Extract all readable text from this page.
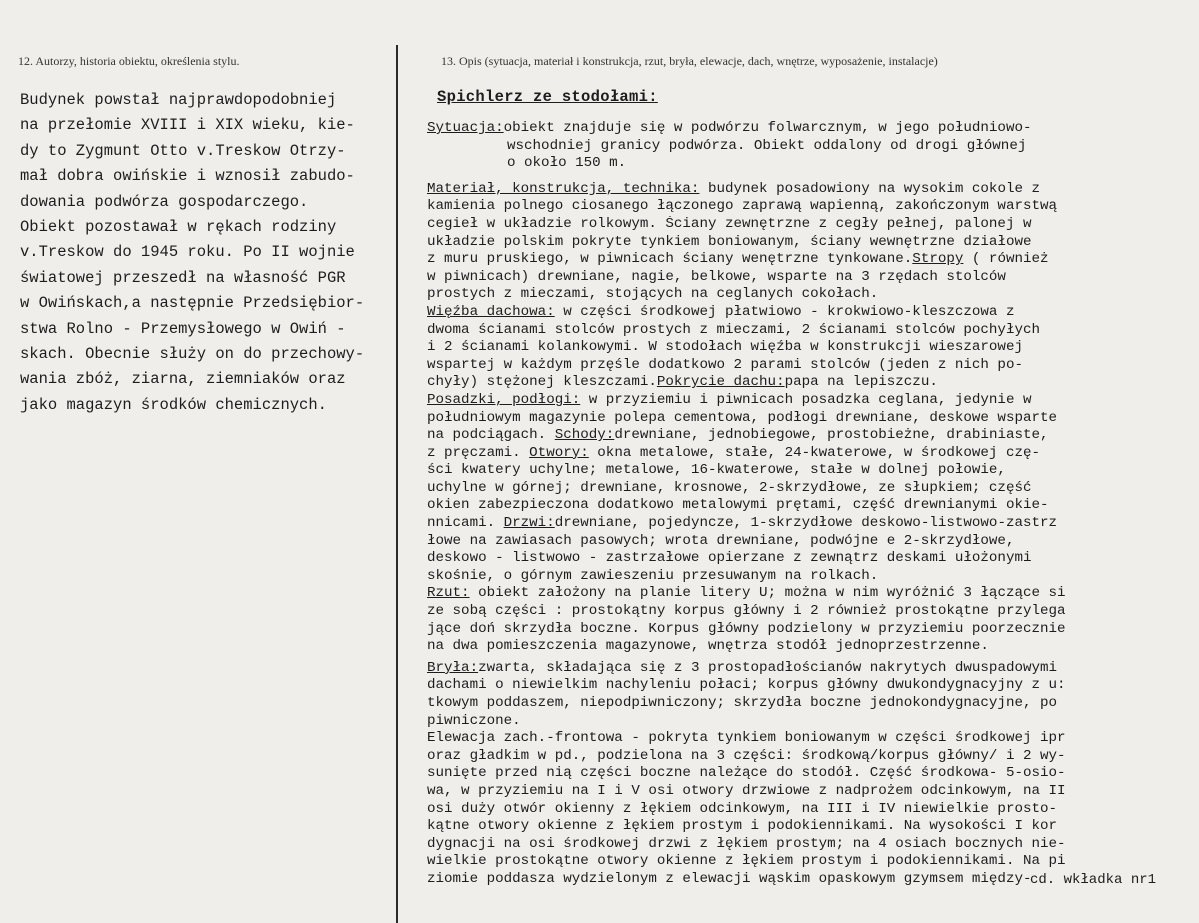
12. Autorzy, historia obiektu, określenia stylu.	13. Opis (sytuacja, materiał i konstrukcja, rzut, bryła, elewacje, dach, wnętrze, wyposażenie, instalacje)
Budynek powstał najprawdopodobniej
na przełomie XVIII i XIX wieku, kie-
dy to Zygmunt Otto v.Treskow Otrzy-
mał dobra owińskie i wznosił zabudo-
dowania podwórza gospodarczego.
Obiekt pozostawał w rękach rodziny
v.Treskow do 1945 roku. Po II wojnie
światowej przeszedł na własność PGR
w Owińskach,a następnie Przedsiębior-
stwa Rolno - Przemysłowego w Owiń -
skach. Obecnie służy on do przechowy-
wania zbóż, ziarna, ziemniaków oraz
jako magazyn środków chemicznych.
Spichlerz ze stodołami:
Sytuacja:obiekt znajduje się w podwórzu folwarcznym, w jego południowo-
wschodniej granicy podwórza. Obiekt oddalony od drogi głównej
o około 150 m.
Materiał, konstrukcja, technika: budynek posadowiony na wysokim cokole z
kamienia polnego ciosanego łączonego zaprawą wapienną, zakończonym warstwą
cegieł w układzie rolkowym. Ściany zewnętrzne z cegły pełnej, palonej w
układzie polskim pokryte tynkiem boniowanym, ściany wewnętrzne działowe
z muru pruskiego, w piwnicach ściany wenętrzne tynkowane.Stropy ( również
w piwnicach) drewniane, nagie, belkowe, wsparte na 3 rzędach stolców
prostych z mieczami, stojących na ceglanych cokołach.
Więźba dachowa: w części środkowej płatwiowo - krokwiowo-kleszczowa z
dwoma ścianami stolców prostych z mieczami, 2 ścianami stolców pochyłych
i 2 ścianami kolankowymi. W stodołach więźba w konstrukcji wieszarowej
wspartej w każdym przęśle dodatkowo 2 parami stolców (jeden z nich po-
chyły) stężonej kleszczami.Pokrycie dachu:papa na lepiszczu.
Posadzki, podłogi: w przyziemiu i piwnicach posadzka ceglana, jedynie w
południowym magazynie polepa cementowa, podłogi drewniane, deskowe wsparte
na podciągach. Schody:drewniane, jednobiegowe, prostobieżne, drabiniaste,
z pręczami. Otwory: okna metalowe, stałe, 24-kwaterowe, w środkowej czę-
ści kwatery uchylne; metalowe, 16-kwaterowe, stałe w dolnej połowie,
uchylne w górnej; drewniane, krosnowe, 2-skrzydłowe, ze słupkiem; część
okien zabezpieczona dodatkowo metalowymi prętami, część drewnianymi okie-
nnicami. Drzwi:drewniane, pojedyncze, 1-skrzydłowe deskowo-listwowo-zastrz
łowe na zawiasach pasowych; wrota drewniane, podwójne e 2-skrzydłowe,
deskowo - listwowo - zastrzałowe opierzane z zewnątrz deskami ułożonymi
skośnie, o górnym zawieszeniu przesuwanym na rolkach.
Rzut: obiekt założony na planie litery U; można w nim wyróżnić 3 łączące si
ze sobą części : prostokątny korpus główny i 2 również prostokątne przylega
jące doń skrzydła boczne. Korpus główny podzielony w przyziemiu poorzecznie
na dwa pomieszczenia magazynowe, wnętrza stodół jednoprzestrzenne.
Bryła:zwarta, składająca się z 3 prostopadłościanów nakrytych dwuspadowymi
dachami o niewielkim nachyleniu połaci; korpus główny dwukondygnacyjny z u:
tkowym poddaszem, niepodpiwniczony; skrzydła boczne jednokondygnacyjne, po
piwniczone.
Elewacja zach.-frontowa - pokryta tynkiem boniowanym w części środkowej ipr
oraz gładkim w pd., podzielona na 3 części: środkową/korpus główny/ i 2 wy-
sunięte przed nią części boczne należące do stodół. Część środkowa- 5-osio-
wa, w przyziemiu na I i V osi otwory drzwiowe z nadprożem odcinkowym, na II
osi duży otwór okienny z łękiem odcinkowym, na III i IV niewielkie prosto-
kątne otwory okienne z łękiem prostym i podokiennikami. Na wysokości I kor
dygnacji na osi środkowej drzwi z łękiem prostym; na 4 osiach bocznych nie-
wielkie prostokątne otwory okienne z łękiem prostym i podokiennikami. Na pi
ziomie poddasza wydzielonym z elewacji wąskim opaskowym gzymsem między-
cd. wkładka nr1
